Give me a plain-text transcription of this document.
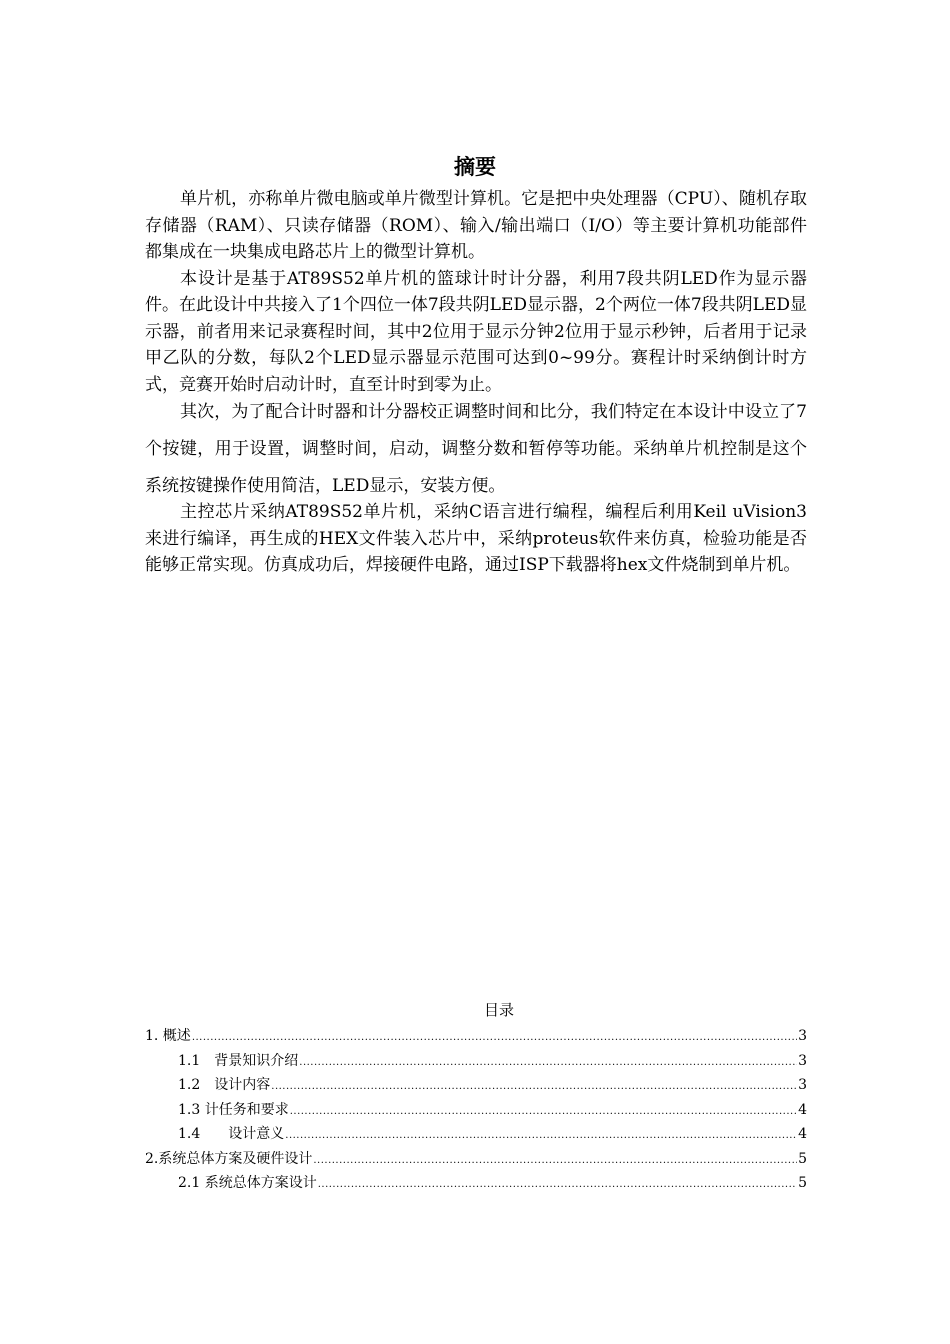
摘要

单片机，亦称单片微电脑或单片微型计算机。它是把中央处理器（CPU）、随机存取存储器（RAM）、只读存储器（ROM）、输入/输出端口（I/O）等主要计算机功能部件都集成在一块集成电路芯片上的微型计算机。

本设计是基于AT89S52单片机的篮球计时计分器，利用7段共阴LED作为显示器件。在此设计中共接入了1个四位一体7段共阴LED显示器，2个两位一体7段共阴LED显示器，前者用来记录赛程时间，其中2位用于显示分钟2位用于显示秒钟，后者用于记录甲乙队的分数，每队2个LED显示器显示范围可达到0~99分。赛程计时采纳倒计时方式，竞赛开始时启动计时，直至计时到零为止。

其次，为了配合计时器和计分器校正调整时间和比分，我们特定在本设计中设立了7个按键，用于设置，调整时间，启动，调整分数和暂停等功能。采纳单片机控制是这个系统按键操作使用简洁，LED显示，安装方便。

主控芯片采纳AT89S52单片机，采纳C语言进行编程，编程后利用Keil uVision3来进行编译，再生成的HEX文件装入芯片中，采纳proteus软件来仿真，检验功能是否能够正常实现。仿真成功后，焊接硬件电路，通过ISP下载器将hex文件烧制到单片机。

目录
1. 概述 .....	3
1.1　背景知识介绍 .....	3
1.2　设计内容 .....	3
1.3 计任务和要求 .....	4
1.4　　设计意义 .....	4
2.系统总体方案及硬件设计 .....	5
2.1 系统总体方案设计 .....	5
